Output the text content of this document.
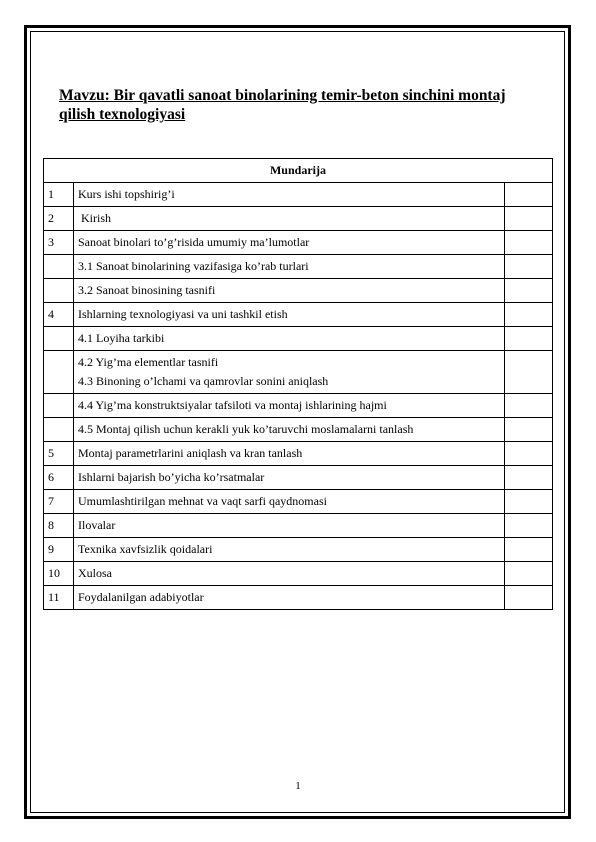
Mavzu: Bir qavatli sanoat binolarining temir-beton sinchini montaj qilish texnologiyasi
Mundarija		
1	Kurs ishi topshirig’i	
2	Kirish	
3	Sanoat binolari to’g’risida umumiy ma’lumotlar	
	3.1 Sanoat binolarining vazifasiga ko’rab turlari	
	3.2 Sanoat binosining tasnifi	
4	Ishlarning texnologiyasi va uni tashkil etish	
	4.1 Loyiha tarkibi	

	4.2 Yig’ma elementlar tasnifi
4.3 Binoning o’lchami va qamrovlar sonini aniqlash	

	4.4 Yig’ma konstruktsiyalar tafsiloti va montaj ishlarining hajmi	
	4.5 Montaj qilish uchun kerakli yuk ko’taruvchi moslamalarni tanlash	
5	Montaj parametrlarini aniqlash va kran tanlash	
6	Ishlarni bajarish bo’yicha ko’rsatmalar	
7	Umumlashtirilgan mehnat va vaqt sarfi qaydnomasi	
8	Ilovalar	
9	Texnika xavfsizlik qoidalari	
10	Xulosa	
11	Foydalanilgan adabiyotlar	
1
